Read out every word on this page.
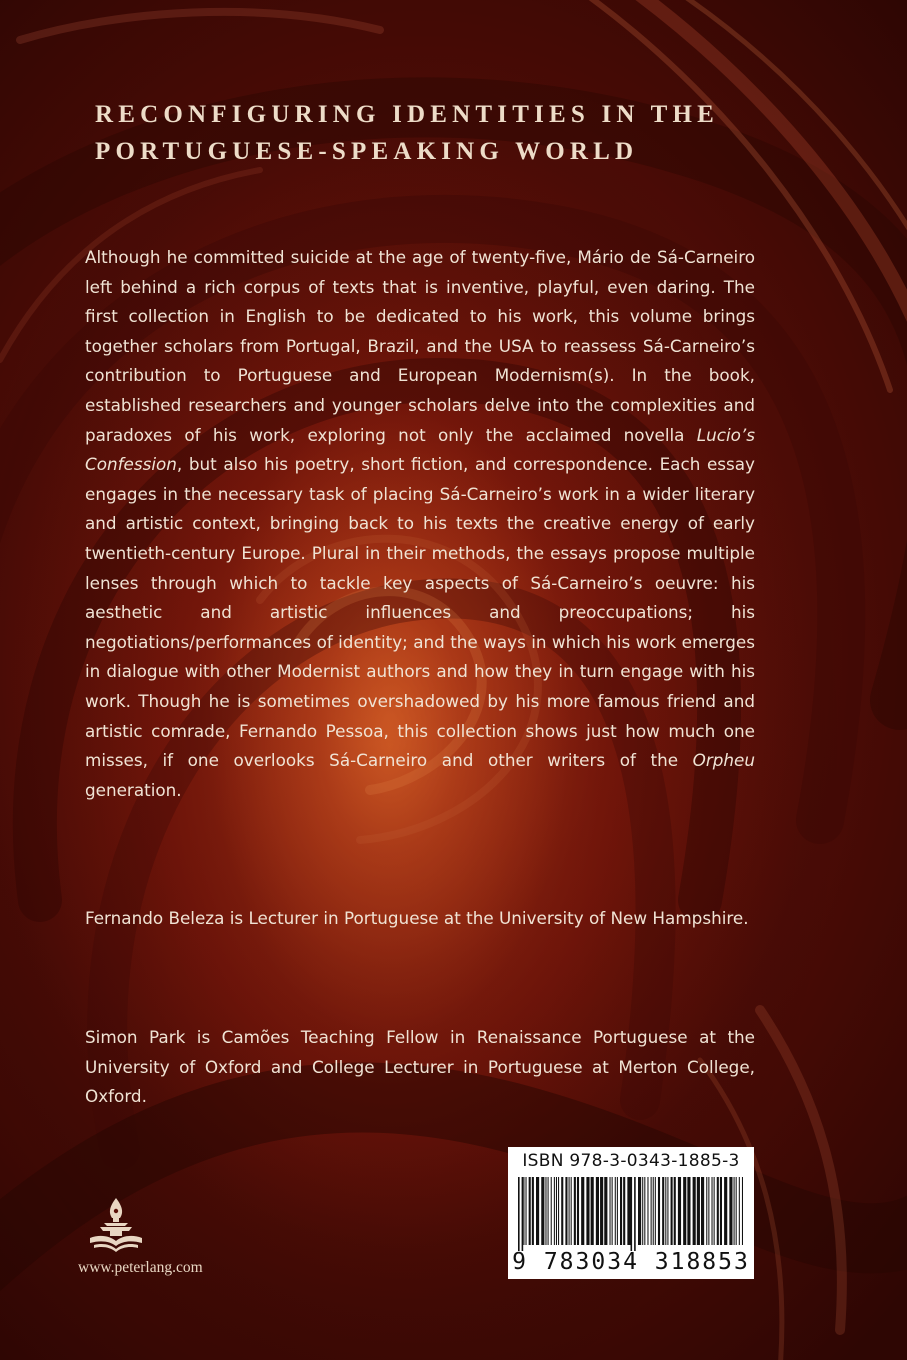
RECONFIGURING IDENTITIES IN THE
PORTUGUESE-SPEAKING WORLD
Although he committed suicide at the age of twenty-five, Mário de Sá-Carneiro left behind a rich corpus of texts that is inventive, playful, even daring. The first collection in English to be dedicated to his work, this volume brings together scholars from Portugal, Brazil, and the USA to reassess Sá-Carneiro’s contribution to Portuguese and European Modernism(s). In the book, established researchers and younger scholars delve into the complexities and paradoxes of his work, exploring not only the acclaimed novella Lucio’s Confession, but also his poetry, short fiction, and correspondence. Each essay engages in the necessary task of placing Sá-Carneiro’s work in a wider literary and artistic context, bringing back to his texts the creative energy of early twentieth-century Europe. Plural in their methods, the essays propose multiple lenses through which to tackle key aspects of Sá-Carneiro’s oeuvre: his aesthetic and artistic influences and preoccupations; his negotiations/performances of identity; and the ways in which his work emerges in dialogue with other Modernist authors and how they in turn engage with his work. Though he is sometimes overshadowed by his more famous friend and artistic comrade, Fernando Pessoa, this collection shows just how much one misses, if one overlooks Sá-Carneiro and other writers of the Orpheu generation.
Fernando Beleza is Lecturer in Portuguese at the University of New Hampshire.
Simon Park is Camões Teaching Fellow in Renaissance Portuguese at the University of Oxford and College Lecturer in Portuguese at Merton College, Oxford.
ISBN 978-3-0343-1885-3
9 783034 318853
www.peterlang.com
